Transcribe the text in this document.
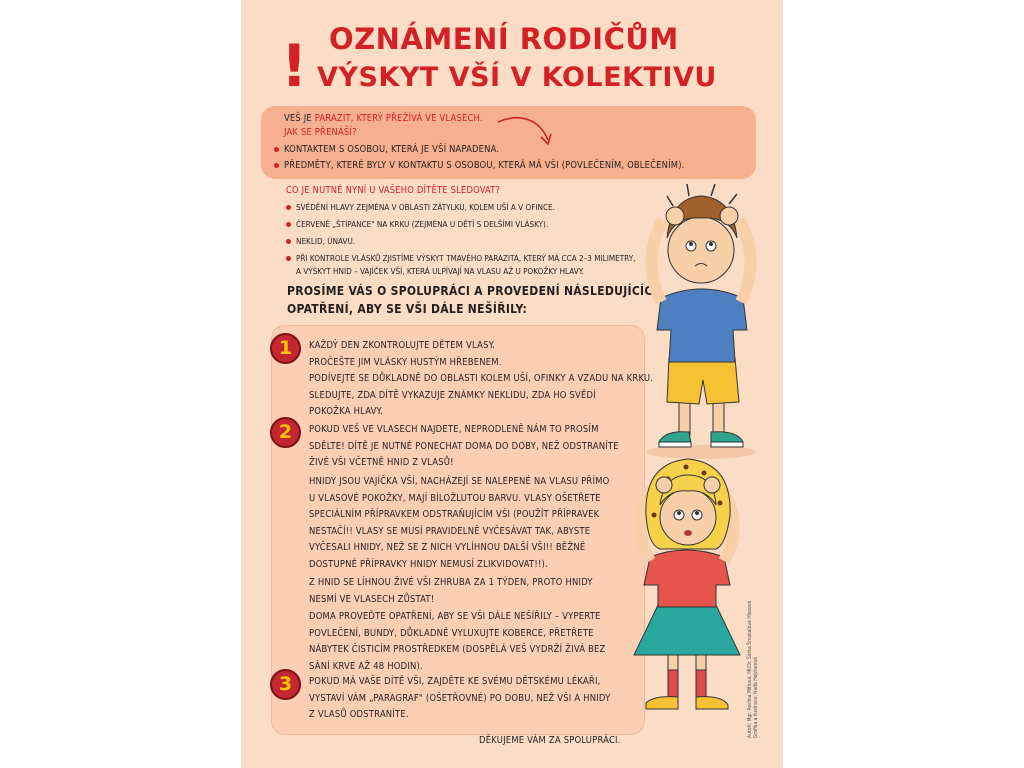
! OZNÁMENÍ RODIČŮM
VÝSKYT VŠÍ V KOLEKTIVU
VEŠ JE PARAZIT, KTERÝ PŘEŽÍVÁ VE VLASECH.
JAK SE PŘENÁŠÍ?
KONTAKTEM S OSOBOU, KTERÁ JE VŠÍ NAPADENA.
PŘEDMĚTY, KTERÉ BYLY V KONTAKTU S OSOBOU, KTERÁ MÁ VŠI (POVLEČENÍM, OBLEČENÍM).
CO JE NUTNÉ NYNÍ U VAŠEHO DÍTĚTE SLEDOVAT?
SVĚDĚNÍ HLAVY ZEJMÉNA V OBLASTI ZÁTYLKU, KOLEM UŠÍ A V OFINCE.
ČERVENÉ „ŠTÍPANCE" NA KRKU (ZEJMÉNA U DĚTÍ S DELŠÍMI VLÁSKY).
NEKLID, ÚNAVU.
PŘI KONTROLE VLÁSKŮ ZJISTÍME VÝSKYT TMAVÉHO PARAZITA, KTERÝ MÁ CCA 2–3 MILIMETRY,
A VÝSKYT HNID – VAJÍČEK VŠÍ, KTERÁ ULPÍVAJÍ NA VLASU AŽ U POKOŽKY HLAVY.
PROSÍME VÁS O SPOLUPRÁCI A PROVEDENÍ NÁSLEDUJÍCÍCH
OPATŘENÍ, ABY SE VŠI DÁLE NEŠÍŘILY:
1	KAŽDÝ DEN ZKONTROLUJTE DĚTEM VLASY.
PROČEŠTE JIM VLÁSKY HUSTÝM HŘEBENEM.
PODÍVEJTE SE DŮKLADNĚ DO OBLASTI KOLEM UŠÍ, OFINKY A VZADU NA KRKU.
SLEDUJTE, ZDA DÍTĚ VYKAZUJE ZNÁMKY NEKLIDU, ZDA HO SVĚDÍ
POKOŽKA HLAVY.
2	POKUD VEŠ VE VLASECH NAJDETE, NEPRODLENĚ NÁM TO PROSÍM
SDĚLTE! DÍTĚ JE NUTNÉ PONECHAT DOMA DO DOBY, NEŽ ODSTRANÍTE
ŽIVÉ VŠI VČETNĚ HNID Z VLASŮ!
HNIDY JSOU VAJÍČKA VŠÍ, NACHÁZEJÍ SE NALEPENÉ NA VLASU PŘÍMO
U VLASOVÉ POKOŽKY, MAJÍ BÍLOŽLUTOU BARVU. VLASY OŠETŘETE
SPECIÁLNÍM PŘÍPRAVKEM ODSTRAŇUJÍCÍM VŠI (POUŽÍT PŘÍPRAVEK
NESTAČÍ!! VLASY SE MUSÍ PRAVIDELNĚ VYČESÁVAT TAK, ABYSTE
VYČESALI HNIDY, NEŽ SE Z NICH VYLÍHNOU DALŠÍ VŠI!! BĚŽNĚ
DOSTUPNÉ PŘÍPRAVKY HNIDY NEMUSÍ ZLIKVIDOVAT!!).
Z HNID SE LÍHNOU ŽIVÉ VŠI ZHRUBA ZA 1 TÝDEN, PROTO HNIDY
NESMÍ VE VLASECH ZŮSTAT!
DOMA PROVEĎTE OPATŘENÍ, ABY SE VŠI DÁLE NEŠÍŘILY – VYPERTE
POVLEČENÍ, BUNDY, DŮKLADNĚ VYLUXUJTE KOBERCE, PŘETŘETE
NÁBYTEK ČISTICÍM PROSTŘEDKEM (DOSPĚLÁ VEŠ VYDRŽÍ ŽIVÁ BEZ
SÁNÍ KRVE AŽ 48 HODIN).
3	POKUD MÁ VAŠE DÍTĚ VŠI, ZAJDĚTE KE SVÉMU DĚTSKÉMU LÉKAŘI,
VYSTAVÍ VÁM „PARAGRAF" (OŠETŘOVNÉ) PO DOBU, NEŽ VŠI A HNIDY
Z VLASŮ ODSTRANÍTE.
DĚKUJEME VÁM ZA SPOLUPRÁCI.
Autoři: Mgr. Pavlína Mitlová, MUDr. Šárka Šmakalová Hlasová Grafika a ilustrace: Naďa Hejzlarová
